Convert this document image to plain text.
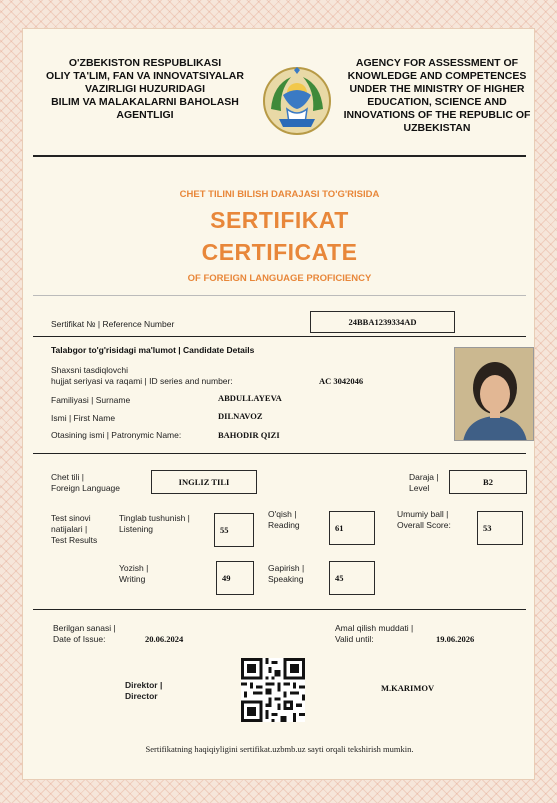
O'ZBEKISTON RESPUBLIKASI
OLIY TA'LIM, FAN VA INNOVATSIYALAR
VAZIRLIGI HUZURIDAGI
BILIM VA MALAKALARNI BAHOLASH
AGENTLIGI
AGENCY FOR ASSESSMENT OF
KNOWLEDGE AND COMPETENCES
UNDER THE MINISTRY OF HIGHER
EDUCATION, SCIENCE AND
INNOVATIONS OF THE REPUBLIC OF
UZBEKISTAN
CHET TILINI BILISH DARAJASI TO'G'RISIDA
SERTIFIKAT
CERTIFICATE
OF FOREIGN LANGUAGE PROFICIENCY
Sertifikat № | Reference Number	24BBA1239334AD
Talabgor to'g'risidagi ma'lumot | Candidate Details
Shaxsni tasdiqlovchi
hujjat seriyasi va raqami | ID series and number:	AC 3042046
Familiyasi | Surname	ABDULLAYEVA
Ismi | First Name	DILNAVOZ
Otasining ismi | Patronymic Name:	BAHODIR QIZI
Chet tili |
Foreign Language
INGLIZ TILI	Daraja |
Level
B2
Test sinovi
natijalari |
Test Results
Tinglab tushunish |
Listening	55
O'qish |
Reading	61
Umumiy ball |
Overall Score:	53
Yozish |
Writing	49
Gapirish |
Speaking	45
Berilgan sanasi |
Date of Issue:	20.06.2024
Amal qilish muddati |
Valid until:	19.06.2026
Direktor |
Director
M.KARIMOV
Sertifikatning haqiqiyligini sertifikat.uzbmb.uz sayti orqali tekshirish mumkin.
